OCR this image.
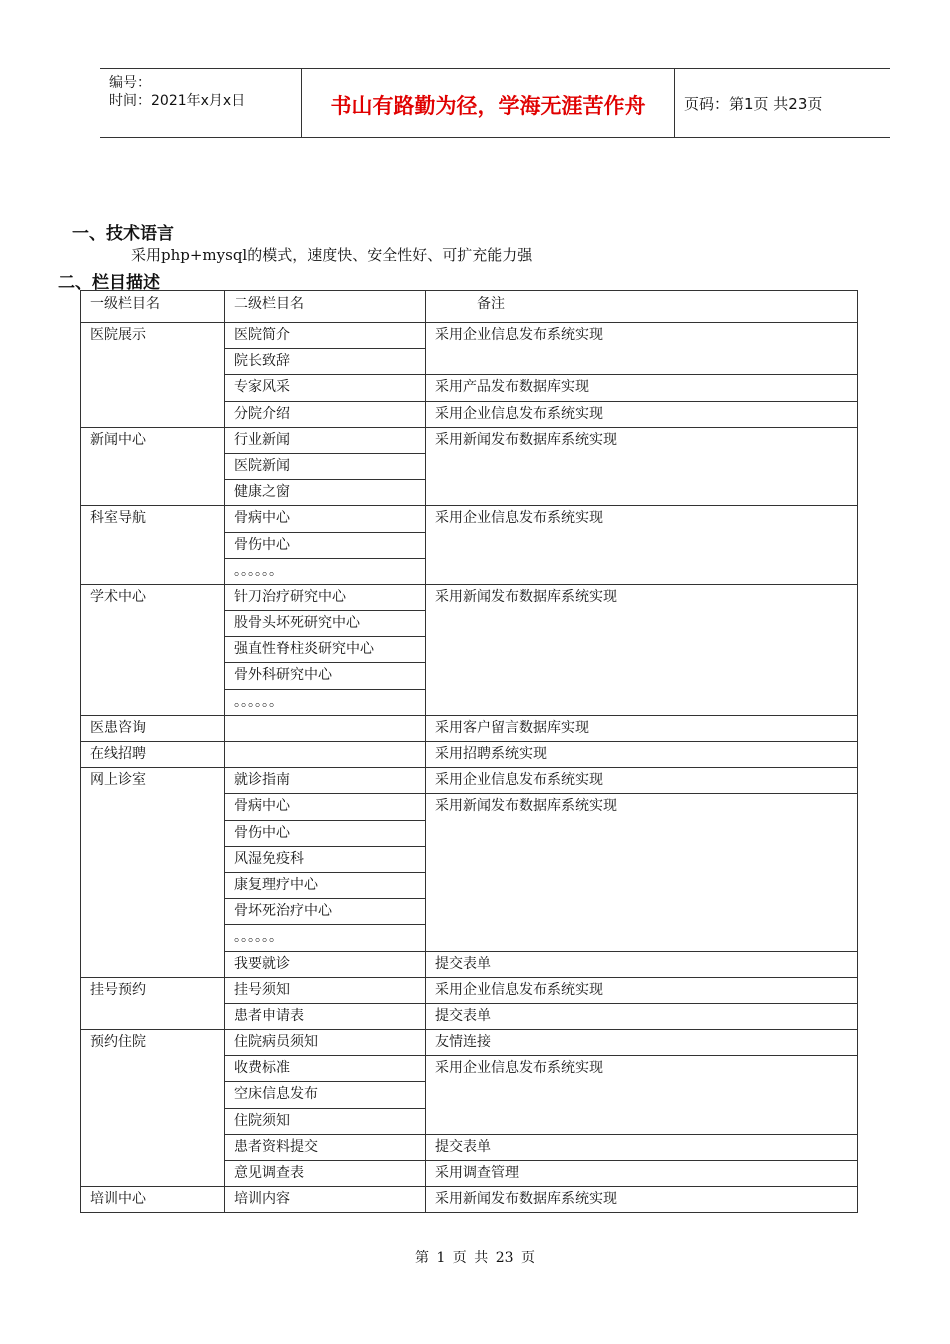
编号：
时间：2021年x月x日	书山有路勤为径，学海无涯苦作舟	页码：第1页 共23页
一、技术语言
采用php+mysql的模式，速度快、安全性好、可扩充能力强
二、栏目描述
一级栏目名	二级栏目名	备注
医院展示	医院简介	采用企业信息发布系统实现
	院长致辞	
	专家风采	采用产品发布数据库实现
	分院介绍	采用企业信息发布系统实现
新闻中心	行业新闻	采用新闻发布数据库系统实现
	医院新闻	
	健康之窗	
科室导航	骨病中心	采用企业信息发布系统实现
	骨伤中心	
	。。。。。。	
学术中心	针刀治疗研究中心	采用新闻发布数据库系统实现
	股骨头坏死研究中心	
	强直性脊柱炎研究中心	
	骨外科研究中心	
	。。。。。。	
医患咨询		采用客户留言数据库实现
在线招聘		采用招聘系统实现
网上诊室	就诊指南	采用企业信息发布系统实现
	骨病中心	采用新闻发布数据库系统实现
	骨伤中心	
	风湿免疫科	
	康复理疗中心	
	骨坏死治疗中心	
	。。。。。。	
	我要就诊	提交表单
挂号预约	挂号须知	采用企业信息发布系统实现
	患者申请表	提交表单
预约住院	住院病员须知	友情连接
	收费标准	采用企业信息发布系统实现
	空床信息发布	
	住院须知	
	患者资料提交	提交表单
	意见调查表	采用调查管理
培训中心	培训内容	采用新闻发布数据库系统实现
第 1 页 共 23 页
